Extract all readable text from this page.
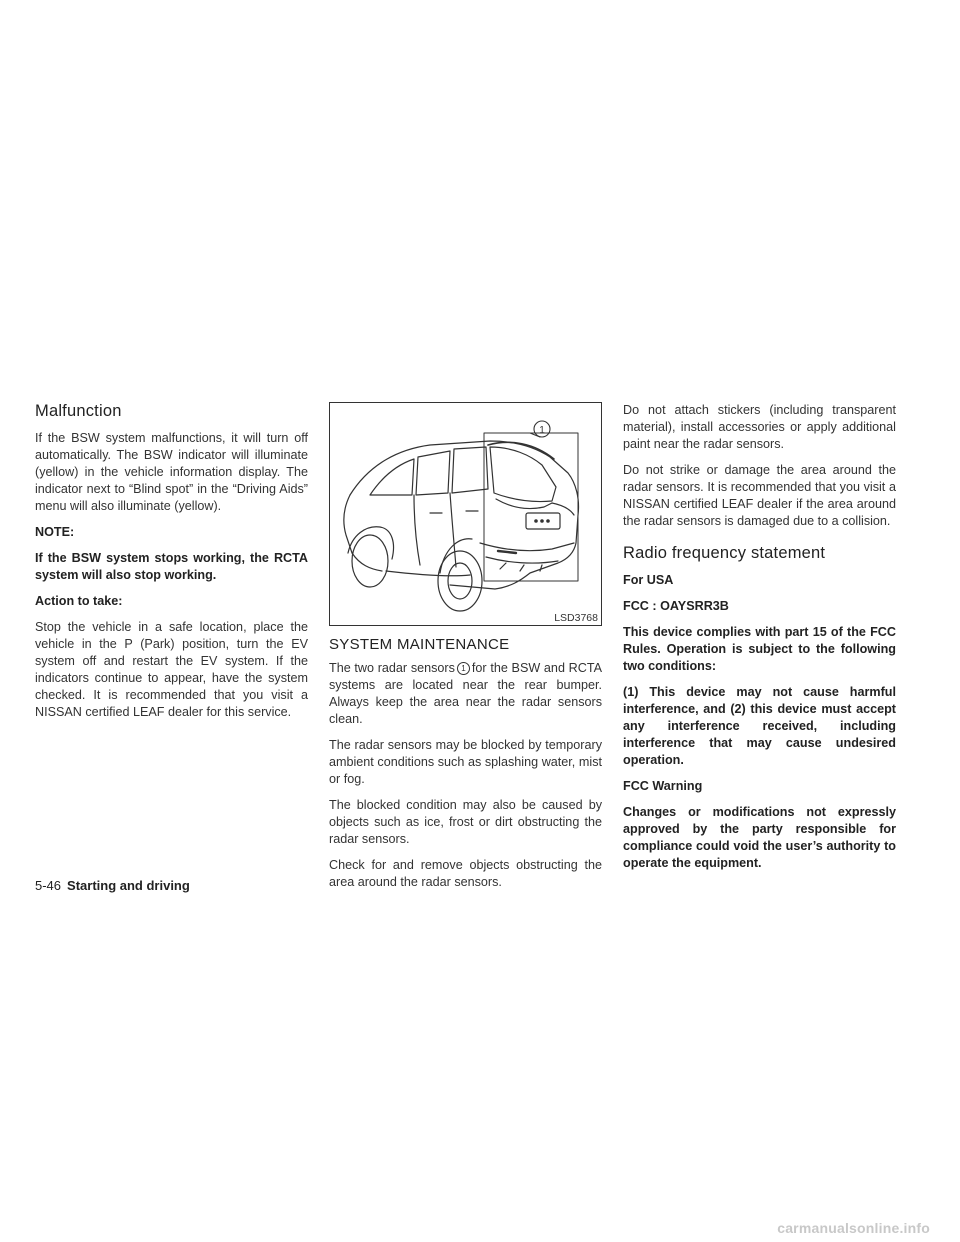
Malfunction

If the BSW system malfunctions, it will turn off automatically. The BSW indicator will illuminate (yellow) in the vehicle information display. The indicator next to “Blind spot” in the “Driving Aids” menu will also illuminate (yellow).

NOTE:

If the BSW system stops working, the RCTA system will also stop working.

Action to take:

Stop the vehicle in a safe location, place the vehicle in the P (Park) position, turn the EV system off and restart the EV system. If the indicators continue to appear, have the system checked. It is recommended that you visit a NISSAN certified LEAF dealer for this service.

1
LSD3768
SYSTEM MAINTENANCE

The two radar sensors 1 for the BSW and RCTA systems are located near the rear bumper. Always keep the area near the radar sensors clean.

The radar sensors may be blocked by temporary ambient conditions such as splashing water, mist or fog.

The blocked condition may also be caused by objects such as ice, frost or dirt obstructing the radar sensors.

Check for and remove objects obstructing the area around the radar sensors.

Do not attach stickers (including transparent material), install accessories or apply additional paint near the radar sensors.

Do not strike or damage the area around the radar sensors. It is recommended that you visit a NISSAN certified LEAF dealer if the area around the radar sensors is damaged due to a collision.

Radio frequency statement

For USA

FCC : OAYSRR3B

This device complies with part 15 of the FCC Rules. Operation is subject to the following two conditions:

(1) This device may not cause harmful interference, and (2) this device must accept any interference received, including interference that may cause undesired operation.

FCC Warning

Changes or modifications not expressly approved by the party responsible for compliance could void the user’s authority to operate the equipment.

5-46 Starting and driving
carmanualsonline.info
